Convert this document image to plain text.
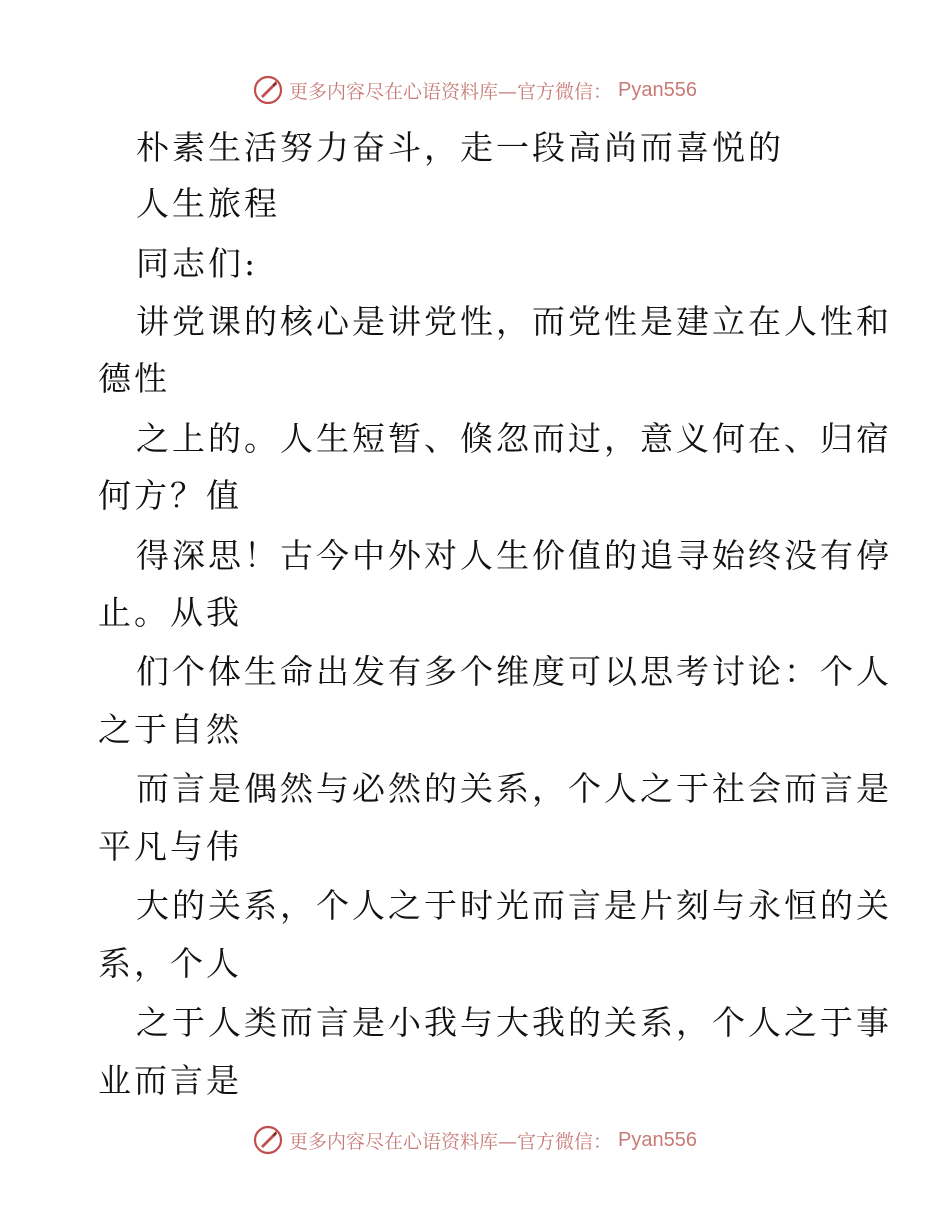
更多内容尽在心语资料库—官方微信： Pyan556
朴素生活努力奋斗，走一段高尚而喜悦的
人生旅程
同志们:
讲党课的核心是讲党性，而党性是建立在人性和
德性
之上的。人生短暂、倏忽而过，意义何在、归宿
何方？值
得深思！古今中外对人生价值的追寻始终没有停
止。从我
们个体生命出发有多个维度可以思考讨论：个人
之于自然
而言是偶然与必然的关系，个人之于社会而言是
平凡与伟
大的关系，个人之于时光而言是片刻与永恒的关
系，个人
之于人类而言是小我与大我的关系，个人之于事
业而言是
更多内容尽在心语资料库—官方微信： Pyan556
